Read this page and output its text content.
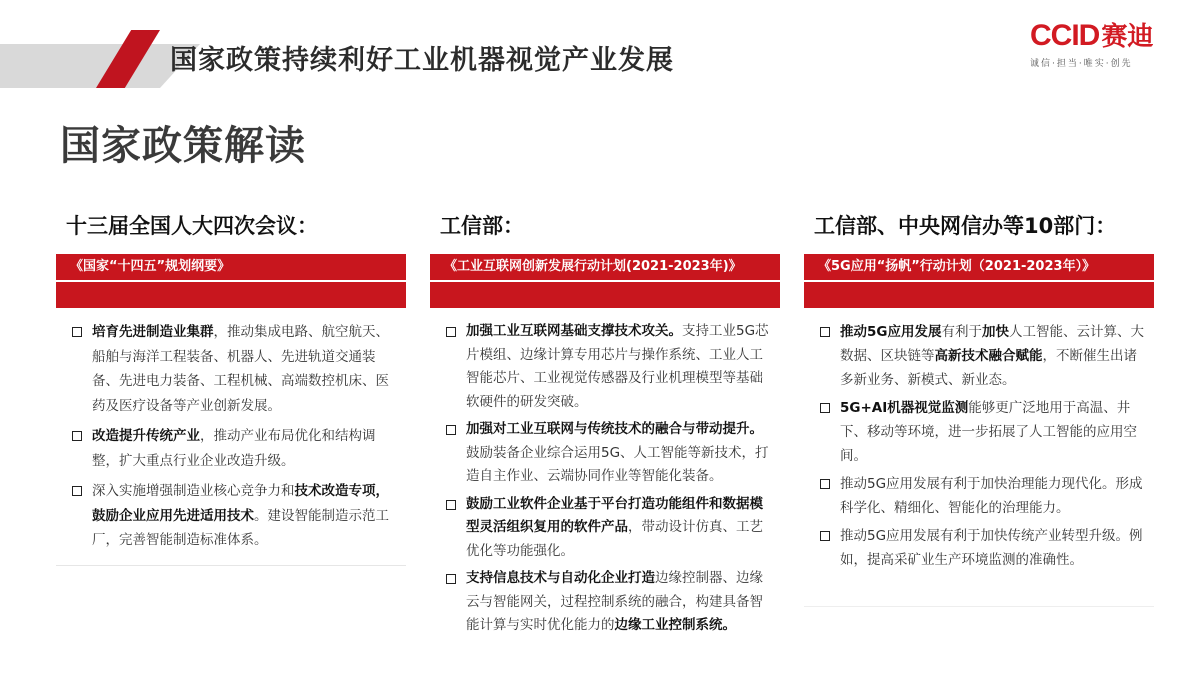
国家政策持续利好工业机器视觉产业发展
CCID赛迪
诚信·担当·唯实·创先
国家政策解读
十三届全国人大四次会议：
《国家“十四五”规划纲要》
培育先进制造业集群，推动集成电路、航空航天、船舶与海洋工程装备、机器人、先进轨道交通装备、先进电力装备、工程机械、高端数控机床、医药及医疗设备等产业创新发展。
改造提升传统产业，推动产业布局优化和结构调整，扩大重点行业企业改造升级。
深入实施增强制造业核心竞争力和技术改造专项，鼓励企业应用先进适用技术。建设智能制造示范工厂，完善智能制造标准体系。
工信部：
《工业互联网创新发展行动计划(2021-2023年)》
加强工业互联网基础支撑技术攻关。支持工业5G芯片模组、边缘计算专用芯片与操作系统、工业人工智能芯片、工业视觉传感器及行业机理模型等基础软硬件的研发突破。
加强对工业互联网与传统技术的融合与带动提升。鼓励装备企业综合运用5G、人工智能等新技术，打造自主作业、云端协同作业等智能化装备。
鼓励工业软件企业基于平台打造功能组件和数据模型灵活组织复用的软件产品，带动设计仿真、工艺优化等功能强化。
支持信息技术与自动化企业打造边缘控制器、边缘云与智能网关，过程控制系统的融合，构建具备智能计算与实时优化能力的边缘工业控制系统。
工信部、中央网信办等10部门：
《5G应用“扬帆”行动计划（2021-2023年）》
推动5G应用发展有利于加快人工智能、云计算、大数据、区块链等高新技术融合赋能，不断催生出诸多新业务、新模式、新业态。
5G+AI机器视觉监测能够更广泛地用于高温、井下、移动等环境，进一步拓展了人工智能的应用空间。
推动5G应用发展有利于加快治理能力现代化。形成科学化、精细化、智能化的治理能力。
推动5G应用发展有利于加快传统产业转型升级。例如，提高采矿业生产环境监测的准确性。
